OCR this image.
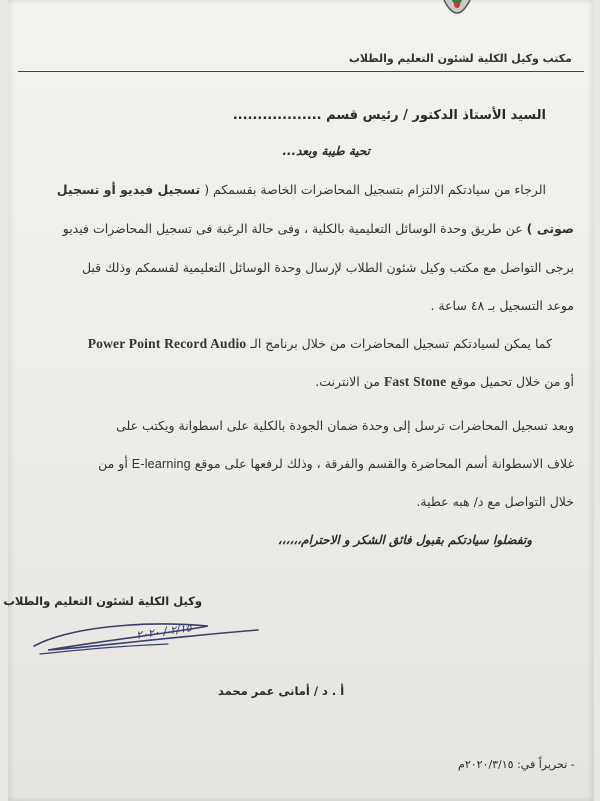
مكتب وكيل الكلية لشئون التعليم والطلاب
السيد الأستاذ الدكتور / رئيس قسم ..................
تحية طيبة وبعد...
الرجاء من سيادتكم الالتزام بتسجيل المحاضرات الخاصة بقسمكم ( تسجيل فيديو أو تسجيل
صوتى ) عن طريق وحدة الوسائل التعليمية بالكلية ، وفى حالة الرغبة فى تسجيل المحاضرات فيديو
برجى التواصل مع مكتب وكيل شئون الطلاب لإرسال وحدة الوسائل التعليمية لقسمكم وذلك قبل
موعد التسجيل بـ ٤٨ ساعة .
كما يمكن لسيادتكم تسجيل المحاضرات من خلال برنامج الـ Power Point Record Audio
أو من خلال تحميل موقع Fast Stone من الانترنت.
وبعد تسجيل المحاضرات ترسل إلى وحدة ضمان الجودة بالكلية على اسطوانة ويكتب على
غلاف الاسطوانة أسم المحاضرة والقسم والفرقة ، وذلك لرفعها على موقع E-learning أو من
خلال التواصل مع د/ هبه عطية.
وتفضلوا سيادتكم بقبول فائق الشكر و الاحترام،،،،،،
وكيل الكلية لشئون التعليم والطلاب
٢/١٥ / ٢٠٢٠
أ . د / أمانى عمر محمد
- تحريراً في: ٢٠٢٠/٣/١٥م
